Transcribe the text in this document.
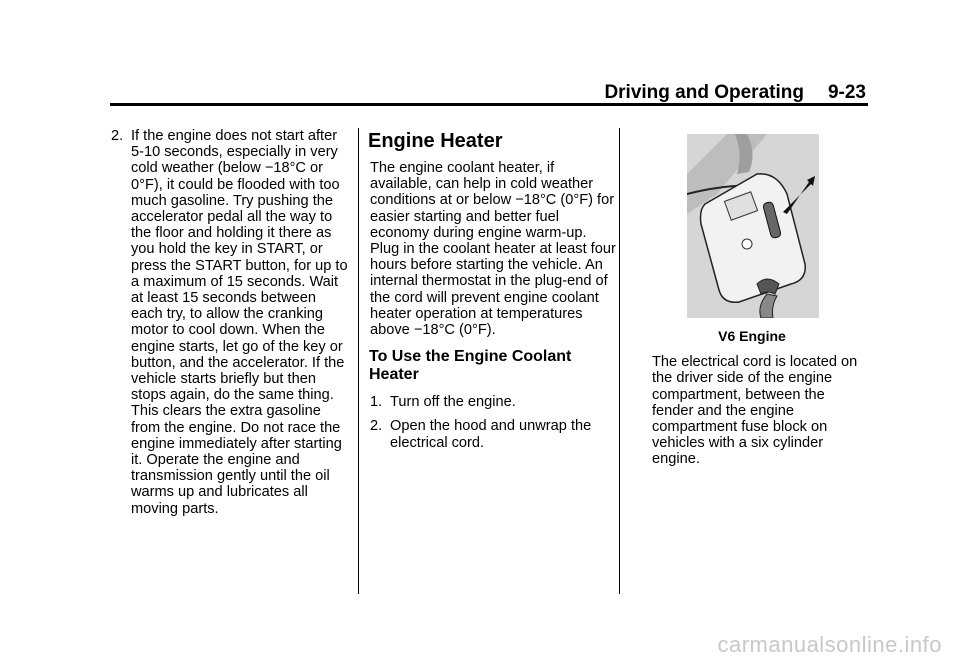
Driving and Operating 9-23
2. If the engine does not start after 5-10 seconds, especially in very cold weather (below −18°C or 0°F), it could be flooded with too much gasoline. Try pushing the accelerator pedal all the way to the floor and holding it there as you hold the key in START, or press the START button, for up to a maximum of 15 seconds. Wait at least 15 seconds between each try, to allow the cranking motor to cool down. When the engine starts, let go of the key or button, and the accelerator. If the vehicle starts briefly but then stops again, do the same thing. This clears the extra gasoline from the engine. Do not race the engine immediately after starting it. Operate the engine and transmission gently until the oil warms up and lubricates all moving parts.
Engine Heater

The engine coolant heater, if available, can help in cold weather conditions at or below −18°C (0°F) for easier starting and better fuel economy during engine warm-up. Plug in the coolant heater at least four hours before starting the vehicle. An internal thermostat in the plug-end of the cord will prevent engine coolant heater operation at temperatures above −18°C (0°F).

To Use the Engine Coolant Heater
1. Turn off the engine.
2. Open the hood and unwrap the electrical cord.
V6 Engine

The electrical cord is located on the driver side of the engine compartment, between the fender and the engine compartment fuse block on vehicles with a six cylinder engine.

carmanualsonline.info
